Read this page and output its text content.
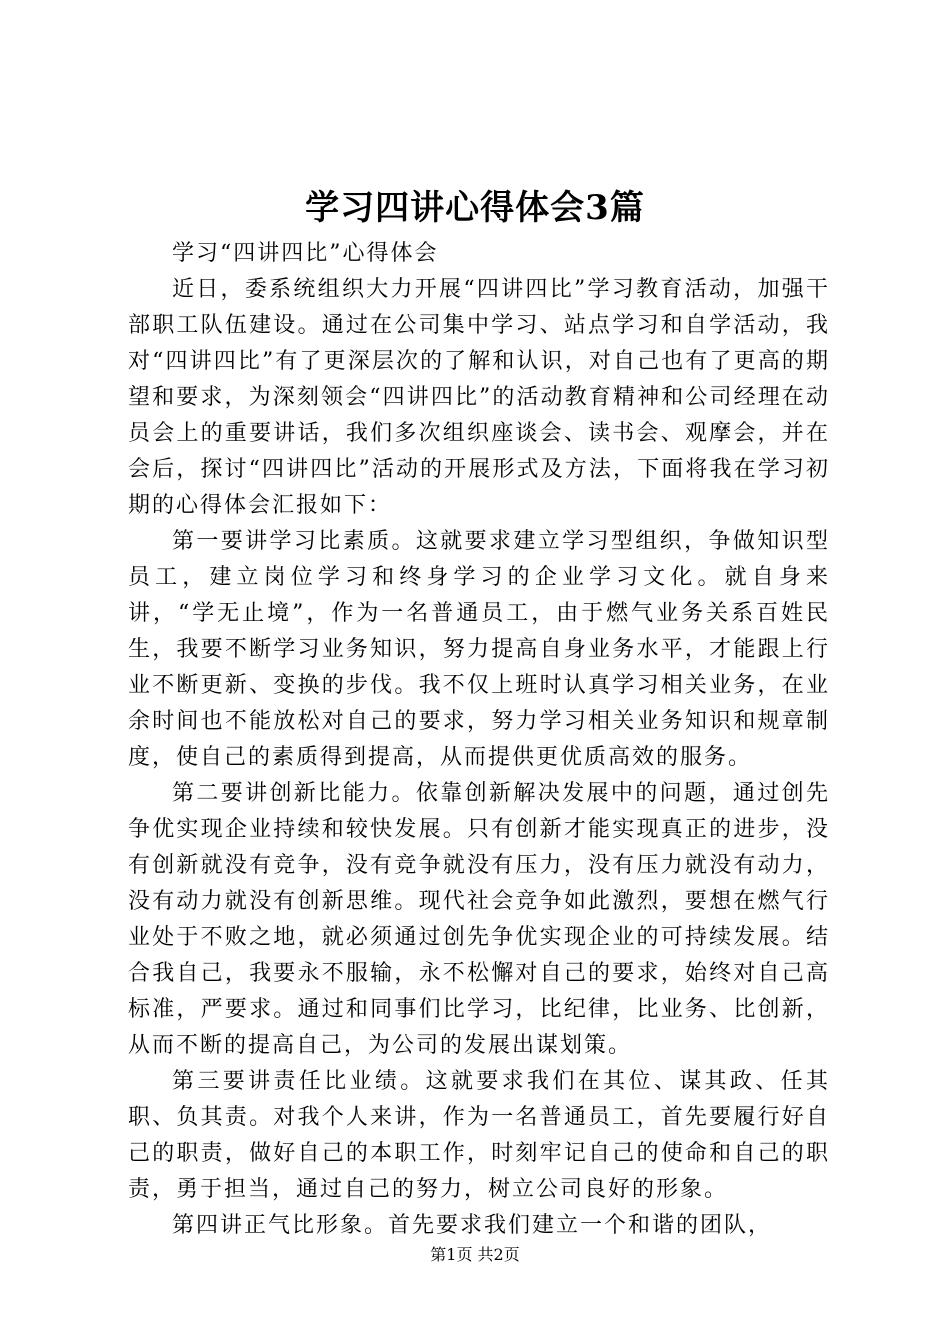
学习四讲心得体会3篇

学习“四讲四比”心得体会

近日，委系统组织大力开展“四讲四比”学习教育活动，加强干部职工队伍建设。通过在公司集中学习、站点学习和自学活动，我对“四讲四比”有了更深层次的了解和认识，对自己也有了更高的期望和要求，为深刻领会“四讲四比”的活动教育精神和公司经理在动员会上的重要讲话，我们多次组织座谈会、读书会、观摩会，并在会后，探讨“四讲四比”活动的开展形式及方法，下面将我在学习初期的心得体会汇报如下：

第一要讲学习比素质。这就要求建立学习型组织，争做知识型员工，建立岗位学习和终身学习的企业学习文化。就自身来讲，“学无止境”，作为一名普通员工，由于燃气业务关系百姓民生，我要不断学习业务知识，努力提高自身业务水平，才能跟上行业不断更新、变换的步伐。我不仅上班时认真学习相关业务，在业余时间也不能放松对自己的要求，努力学习相关业务知识和规章制度，使自己的素质得到提高，从而提供更优质高效的服务。

第二要讲创新比能力。依靠创新解决发展中的问题，通过创先争优实现企业持续和较快发展。只有创新才能实现真正的进步，没有创新就没有竞争，没有竞争就没有压力，没有压力就没有动力，没有动力就没有创新思维。现代社会竞争如此激烈，要想在燃气行业处于不败之地，就必须通过创先争优实现企业的可持续发展。结合我自己，我要永不服输，永不松懈对自己的要求，始终对自己高标准，严要求。通过和同事们比学习，比纪律，比业务、比创新，从而不断的提高自己，为公司的发展出谋划策。

第三要讲责任比业绩。这就要求我们在其位、谋其政、任其职、负其责。对我个人来讲，作为一名普通员工，首先要履行好自己的职责，做好自己的本职工作，时刻牢记自己的使命和自己的职责，勇于担当，通过自己的努力，树立公司良好的形象。

第四讲正气比形象。首先要求我们建立一个和谐的团队，

第1页 共2页
